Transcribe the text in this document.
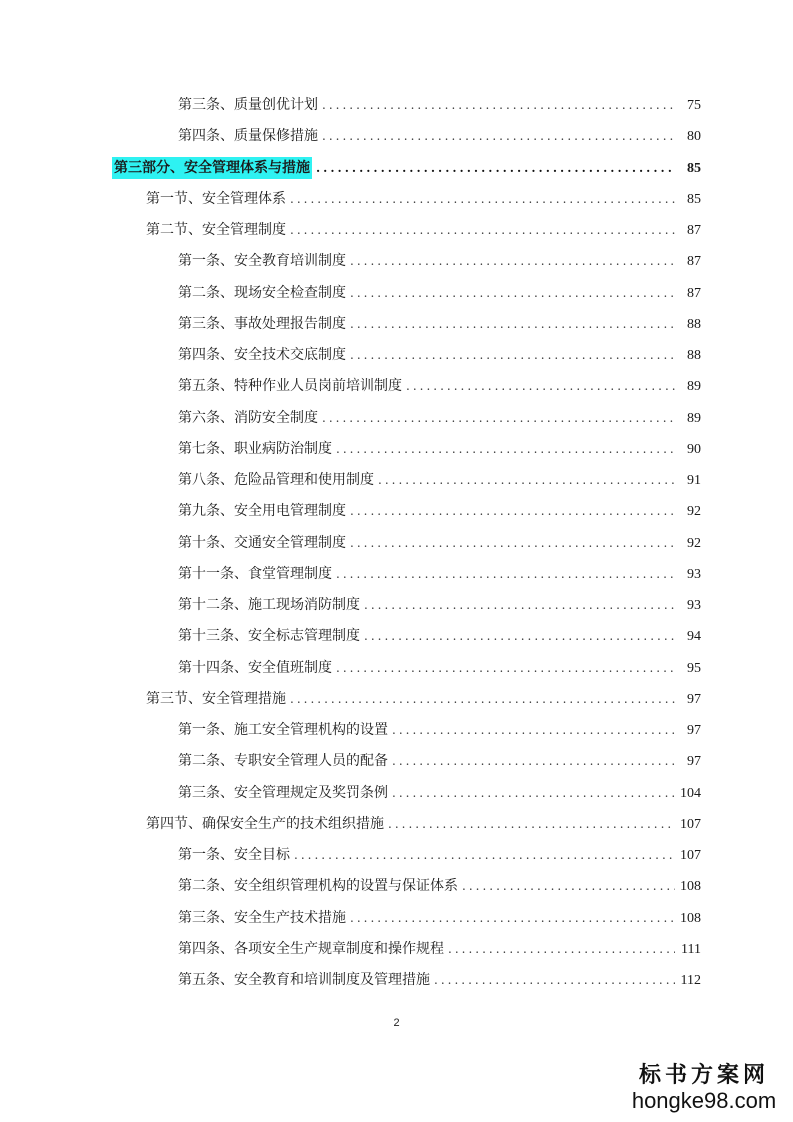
第三条、质量创优计划 .....	75
第四条、质量保修措施 .....	80
第三部分、安全管理体系与措施 .....	85
第一节、安全管理体系 .....	85
第二节、安全管理制度 .....	87
第一条、安全教育培训制度 .....	87
第二条、现场安全检查制度 .....	87
第三条、事故处理报告制度 .....	88
第四条、安全技术交底制度 .....	88
第五条、特种作业人员岗前培训制度 .....	89
第六条、消防安全制度 .....	89
第七条、职业病防治制度 .....	90
第八条、危险品管理和使用制度 .....	91
第九条、安全用电管理制度 .....	92
第十条、交通安全管理制度 .....	92
第十一条、食堂管理制度 .....	93
第十二条、施工现场消防制度 .....	93
第十三条、安全标志管理制度 .....	94
第十四条、安全值班制度 .....	95
第三节、安全管理措施 .....	97
第一条、施工安全管理机构的设置 .....	97
第二条、专职安全管理人员的配备 .....	97
第三条、安全管理规定及奖罚条例 .....	104
第四节、确保安全生产的技术组织措施 .....	107
第一条、安全目标 .....	107
第二条、安全组织管理机构的设置与保证体系 .....	108
第三条、安全生产技术措施 .....	108
第四条、各项安全生产规章制度和操作规程 .....	111
第五条、安全教育和培训制度及管理措施 .....	112
2
标书方案网
hongke98.com
